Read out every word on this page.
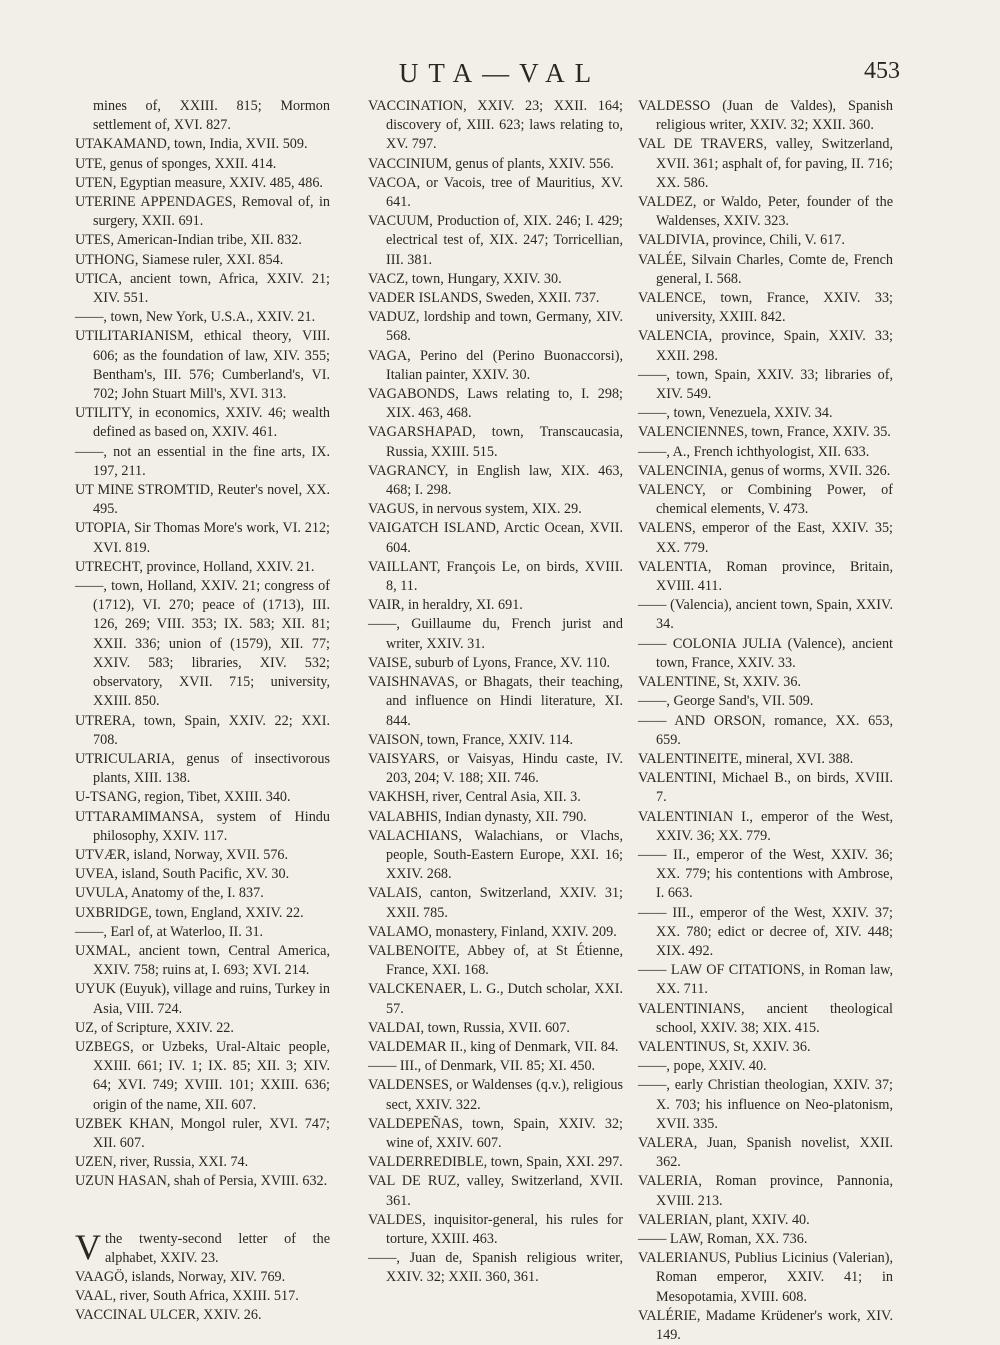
UTA—VAL	453
mines of, XXIII. 815; Mormon settlement of, XVI. 827.
UTAKAMAND, town, India, XVII. 509.
UTE, genus of sponges, XXII. 414.
UTEN, Egyptian measure, XXIV. 485, 486.
UTERINE APPENDAGES, Removal of, in surgery, XXII. 691.
UTES, American-Indian tribe, XII. 832.
UTHONG, Siamese ruler, XXI. 854.
UTICA, ancient town, Africa, XXIV. 21; XIV. 551.
——, town, New York, U.S.A., XXIV. 21.
UTILITARIANISM, ethical theory, VIII. 606; as the foundation of law, XIV. 355; Bentham's, III. 576; Cumberland's, VI. 702; John Stuart Mill's, XVI. 313.
UTILITY, in economics, XXIV. 46; wealth defined as based on, XXIV. 461.
——, not an essential in the fine arts, IX. 197, 211.
UT MINE STROMTID, Reuter's novel, XX. 495.
UTOPIA, Sir Thomas More's work, VI. 212; XVI. 819.
UTRECHT, province, Holland, XXIV. 21.
——, town, Holland, XXIV. 21; congress of (1712), VI. 270; peace of (1713), III. 126, 269; VIII. 353; IX. 583; XII. 81; XXII. 336; union of (1579), XII. 77; XXIV. 583; libraries, XIV. 532; observatory, XVII. 715; university, XXIII. 850.
UTRERA, town, Spain, XXIV. 22; XXI. 708.
UTRICULARIA, genus of insectivorous plants, XIII. 138.
U-TSANG, region, Tibet, XXIII. 340.
UTTARAMIMANSA, system of Hindu philosophy, XXIV. 117.
UTVÆR, island, Norway, XVII. 576.
UVEA, island, South Pacific, XV. 30.
UVULA, Anatomy of the, I. 837.
UXBRIDGE, town, England, XXIV. 22.
——, Earl of, at Waterloo, II. 31.
UXMAL, ancient town, Central America, XXIV. 758; ruins at, I. 693; XVI. 214.
UYUK (Euyuk), village and ruins, Turkey in Asia, VIII. 724.
UZ, of Scripture, XXIV. 22.
UZBEGS, or Uzbeks, Ural-Altaic people, XXIII. 661; IV. 1; IX. 85; XII. 3; XIV. 64; XVI. 749; XVIII. 101; XXIII. 636; origin of the name, XII. 607.
UZBEK KHAN, Mongol ruler, XVI. 747; XII. 607.
UZEN, river, Russia, XXI. 74.
UZUN HASAN, shah of Persia, XVIII. 632.
V the twenty-second letter of the alphabet, XXIV. 23.
VAAGÖ, islands, Norway, XIV. 769.
VAAL, river, South Africa, XXIII. 517.
VACCINAL ULCER, XXIV. 26.
VACCINATION, XXIV. 23; XXII. 164; discovery of, XIII. 623; laws relating to, XV. 797.
VACCINIUM, genus of plants, XXIV. 556.
VACOA, or Vacois, tree of Mauritius, XV. 641.
VACUUM, Production of, XIX. 246; I. 429; electrical test of, XIX. 247; Torricellian, III. 381.
VACZ, town, Hungary, XXIV. 30.
VADER ISLANDS, Sweden, XXII. 737.
VADUZ, lordship and town, Germany, XIV. 568.
VAGA, Perino del (Perino Buonaccorsi), Italian painter, XXIV. 30.
VAGABONDS, Laws relating to, I. 298; XIX. 463, 468.
VAGARSHAPAD, town, Transcaucasia, Russia, XXIII. 515.
VAGRANCY, in English law, XIX. 463, 468; I. 298.
VAGUS, in nervous system, XIX. 29.
VAIGATCH ISLAND, Arctic Ocean, XVII. 604.
VAILLANT, François Le, on birds, XVIII. 8, 11.
VAIR, in heraldry, XI. 691.
——, Guillaume du, French jurist and writer, XXIV. 31.
VAISE, suburb of Lyons, France, XV. 110.
VAISHNAVAS, or Bhagats, their teaching, and influence on Hindi literature, XI. 844.
VAISON, town, France, XXIV. 114.
VAISYARS, or Vaisyas, Hindu caste, IV. 203, 204; V. 188; XII. 746.
VAKHSH, river, Central Asia, XII. 3.
VALABHIS, Indian dynasty, XII. 790.
VALACHIANS, Walachians, or Vlachs, people, South-Eastern Europe, XXI. 16; XXIV. 268.
VALAIS, canton, Switzerland, XXIV. 31; XXII. 785.
VALAMO, monastery, Finland, XXIV. 209.
VALBENOITE, Abbey of, at St Étienne, France, XXI. 168.
VALCKENAER, L. G., Dutch scholar, XXI. 57.
VALDAI, town, Russia, XVII. 607.
VALDEMAR II., king of Denmark, VII. 84.
—— III., of Denmark, VII. 85; XI. 450.
VALDENSES, or Waldenses (q.v.), religious sect, XXIV. 322.
VALDEPEÑAS, town, Spain, XXIV. 32; wine of, XXIV. 607.
VALDERREDIBLE, town, Spain, XXI. 297.
VAL DE RUZ, valley, Switzerland, XVII. 361.
VALDES, inquisitor-general, his rules for torture, XXIII. 463.
——, Juan de, Spanish religious writer, XXIV. 32; XXII. 360, 361.
VALDESSO (Juan de Valdes), Spanish religious writer, XXIV. 32; XXII. 360.
VAL DE TRAVERS, valley, Switzerland, XVII. 361; asphalt of, for paving, II. 716; XX. 586.
VALDEZ, or Waldo, Peter, founder of the Waldenses, XXIV. 323.
VALDIVIA, province, Chili, V. 617.
VALÉE, Silvain Charles, Comte de, French general, I. 568.
VALENCE, town, France, XXIV. 33; university, XXIII. 842.
VALENCIA, province, Spain, XXIV. 33; XXII. 298.
——, town, Spain, XXIV. 33; libraries of, XIV. 549.
——, town, Venezuela, XXIV. 34.
VALENCIENNES, town, France, XXIV. 35.
——, A., French ichthyologist, XII. 633.
VALENCINIA, genus of worms, XVII. 326.
VALENCY, or Combining Power, of chemical elements, V. 473.
VALENS, emperor of the East, XXIV. 35; XX. 779.
VALENTIA, Roman province, Britain, XVIII. 411.
—— (Valencia), ancient town, Spain, XXIV. 34.
—— COLONIA JULIA (Valence), ancient town, France, XXIV. 33.
VALENTINE, St, XXIV. 36.
——, George Sand's, VII. 509.
—— AND ORSON, romance, XX. 653, 659.
VALENTINEITE, mineral, XVI. 388.
VALENTINI, Michael B., on birds, XVIII. 7.
VALENTINIAN I., emperor of the West, XXIV. 36; XX. 779.
—— II., emperor of the West, XXIV. 36; XX. 779; his contentions with Ambrose, I. 663.
—— III., emperor of the West, XXIV. 37; XX. 780; edict or decree of, XIV. 448; XIX. 492.
—— LAW OF CITATIONS, in Roman law, XX. 711.
VALENTINIANS, ancient theological school, XXIV. 38; XIX. 415.
VALENTINUS, St, XXIV. 36.
——, pope, XXIV. 40.
——, early Christian theologian, XXIV. 37; X. 703; his influence on Neo-platonism, XVII. 335.
VALERA, Juan, Spanish novelist, XXII. 362.
VALERIA, Roman province, Pannonia, XVIII. 213.
VALERIAN, plant, XXIV. 40.
—— LAW, Roman, XX. 736.
VALERIANUS, Publius Licinius (Valerian), Roman emperor, XXIV. 41; in Mesopotamia, XVIII. 608.
VALÉRIE, Madame Krüdener's work, XIV. 149.
